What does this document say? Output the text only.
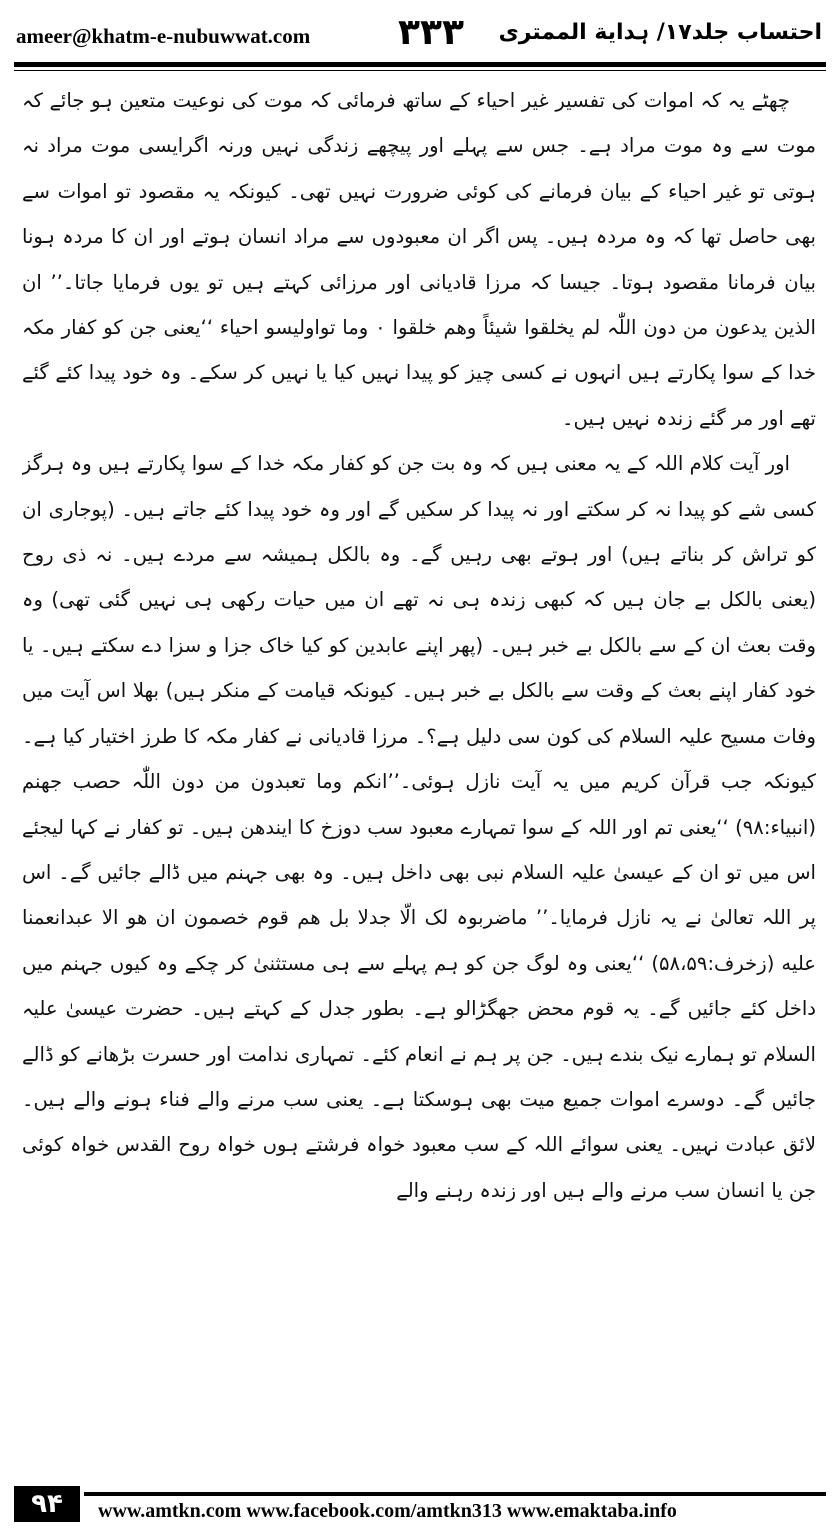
ameer@khatm-e-nubuwwat.com ۳۳۳ احتساب جلد۱۷/ ہدایة الممتری

چھٹے یہ کہ اموات کی تفسیر غیر احیاء کے ساتھ فرمائی کہ موت کی نوعیت متعین ہو جائے کہ موت سے وہ موت مراد ہے۔ جس سے پہلے اور پیچھے زندگی نہیں ورنہ اگرایسی موت مراد نہ ہوتی تو غیر احیاء کے بیان فرمانے کی کوئی ضرورت نہیں تھی۔ کیونکہ یہ مقصود تو اموات سے بھی حاصل تھا کہ وہ مردہ ہیں۔ پس اگر ان معبودوں سے مراد انسان ہوتے اور ان کا مردہ ہونا بیان فرمانا مقصود ہوتا۔ جیسا کہ مرزا قادیانی اور مرزائی کہتے ہیں تو یوں فرمایا جاتا۔’’ ان الذین یدعون من دون اللّٰہ لم یخلقوا شیئاً وھم خلقوا ۰ وما تواولیسو احیاء ‘‘یعنی جن کو کفار مکہ خدا کے سوا پکارتے ہیں انہوں نے کسی چیز کو پیدا نہیں کیا یا نہیں کر سکے۔ وہ خود پیدا کئے گئے تھے اور مر گئے زندہ نہیں ہیں۔

اور آیت کلام اللہ کے یہ معنی ہیں کہ وہ بت جن کو کفار مکہ خدا کے سوا پکارتے ہیں وہ ہرگز کسی شے کو پیدا نہ کر سکتے اور نہ پیدا کر سکیں گے اور وہ خود پیدا کئے جاتے ہیں۔ (پوجاری ان کو تراش کر بناتے ہیں) اور ہوتے بھی رہیں گے۔ وہ بالکل ہمیشہ سے مردے ہیں۔ نہ ذی روح (یعنی بالکل بے جان ہیں کہ کبھی زندہ ہی نہ تھے ان میں حیات رکھی ہی نہیں گئی تھی) وہ وقت بعث ان کے سے بالکل بے خبر ہیں۔ (پھر اپنے عابدین کو کیا خاک جزا و سزا دے سکتے ہیں۔ یا خود کفار اپنے بعث کے وقت سے بالکل بے خبر ہیں۔ کیونکہ قیامت کے منکر ہیں) بھلا اس آیت میں وفات مسیح علیہ السلام کی کون سی دلیل ہے؟۔ مرزا قادیانی نے کفار مکہ کا طرز اختیار کیا ہے۔ کیونکہ جب قرآن کریم میں یہ آیت نازل ہوئی۔’’انکم وما تعبدون من دون اللّٰہ حصب جھنم (انبیاء:۹۸) ‘‘یعنی تم اور اللہ کے سوا تمہارے معبود سب دوزخ کا ایندھن ہیں۔ تو کفار نے کہا لیجئے اس میں تو ان کے عیسیٰ علیہ السلام نبی بھی داخل ہیں۔ وہ بھی جہنم میں ڈالے جائیں گے۔ اس پر اللہ تعالیٰ نے یہ نازل فرمایا۔’’ ماضربوہ لک الّا جدلا بل ھم قوم خصمون ان ھو الا عبدانعمنا علیه (زخرف:۵۸،۵۹) ‘‘یعنی وہ لوگ جن کو ہم پہلے سے ہی مستثنیٰ کر چکے وہ کیوں جہنم میں داخل کئے جائیں گے۔ یہ قوم محض جھگڑالو ہے۔ بطور جدل کے کہتے ہیں۔ حضرت عیسیٰ علیہ السلام تو ہمارے نیک بندے ہیں۔ جن پر ہم نے انعام کئے۔ تمہاری ندامت اور حسرت بڑھانے کو ڈالے جائیں گے۔ دوسرے اموات جمیع میت بھی ہوسکتا ہے۔ یعنی سب مرنے والے فناء ہونے والے ہیں۔ لائق عبادت نہیں۔ یعنی سوائے اللہ کے سب معبود خواہ فرشتے ہوں خواہ روح القدس خواہ کوئی جن یا انسان سب مرنے والے ہیں اور زندہ رہنے والے

۹۴	www.amtkn.com www.facebook.com/amtkn313 www.emaktaba.info
